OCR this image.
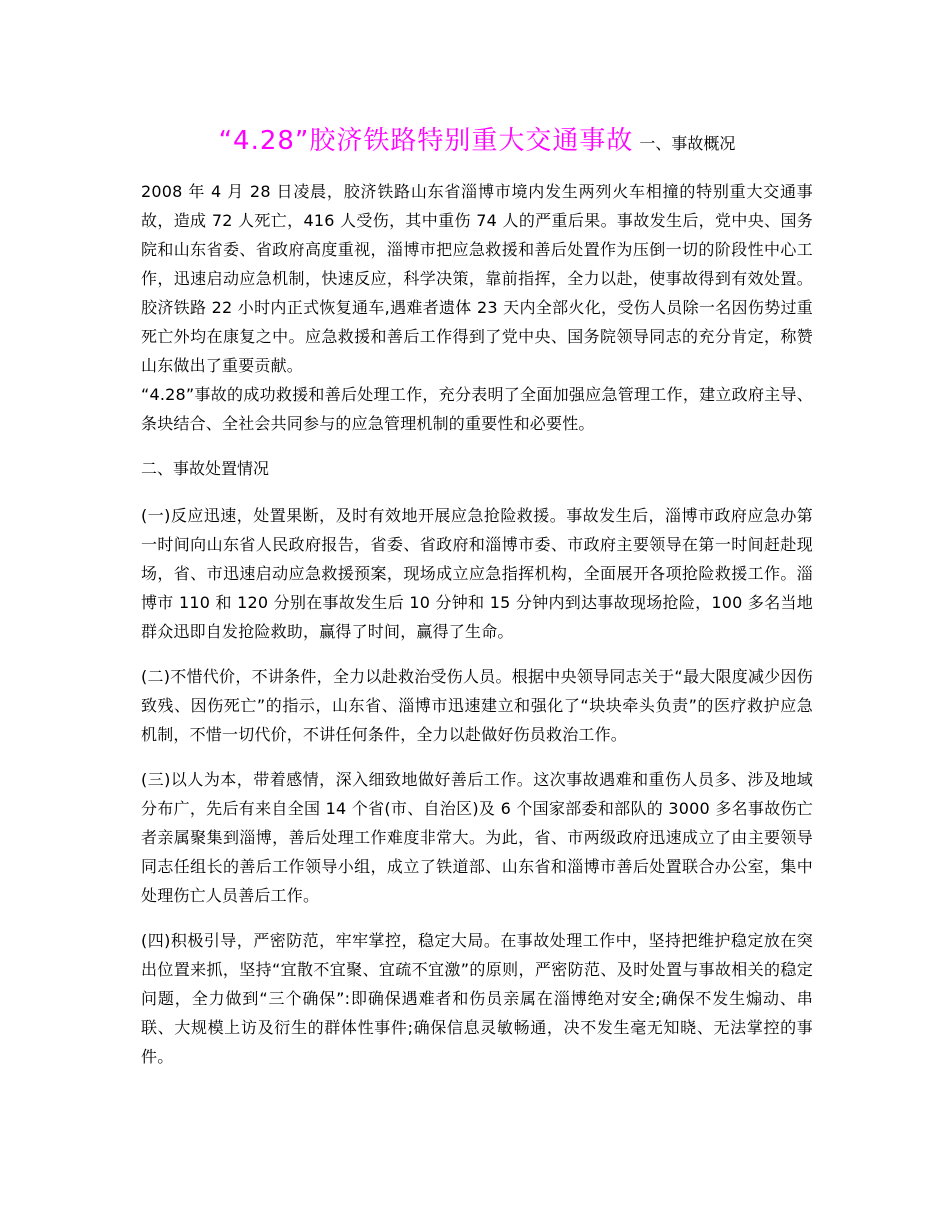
“4.28”胶济铁路特别重大交通事故 一、事故概况

2008 年 4 月 28 日凌晨，胶济铁路山东省淄博市境内发生两列火车相撞的特别重大交通事故，造成 72 人死亡，416 人受伤，其中重伤 74 人的严重后果。事故发生后，党中央、国务院和山东省委、省政府高度重视，淄博市把应急救援和善后处置作为压倒一切的阶段性中心工作，迅速启动应急机制，快速反应，科学决策，靠前指挥，全力以赴，使事故得到有效处置。胶济铁路 22 小时内正式恢复通车,遇难者遗体 23 天内全部火化，受伤人员除一名因伤势过重死亡外均在康复之中。应急救援和善后工作得到了党中央、国务院领导同志的充分肯定，称赞山东做出了重要贡献。

“4.28”事故的成功救援和善后处理工作，充分表明了全面加强应急管理工作，建立政府主导、条块结合、全社会共同参与的应急管理机制的重要性和必要性。

二、事故处置情况

(一)反应迅速，处置果断，及时有效地开展应急抢险救援。事故发生后，淄博市政府应急办第一时间向山东省人民政府报告，省委、省政府和淄博市委、市政府主要领导在第一时间赶赴现场，省、市迅速启动应急救援预案，现场成立应急指挥机构，全面展开各项抢险救援工作。淄博市 110 和 120 分别在事故发生后 10 分钟和 15 分钟内到达事故现场抢险，100 多名当地群众迅即自发抢险救助，赢得了时间，赢得了生命。

(二)不惜代价，不讲条件，全力以赴救治受伤人员。根据中央领导同志关于“最大限度减少因伤致残、因伤死亡”的指示，山东省、淄博市迅速建立和强化了“块块牵头负责”的医疗救护应急机制，不惜一切代价，不讲任何条件，全力以赴做好伤员救治工作。

(三)以人为本，带着感情，深入细致地做好善后工作。这次事故遇难和重伤人员多、涉及地域分布广，先后有来自全国 14 个省(市、自治区)及 6 个国家部委和部队的 3000 多名事故伤亡者亲属聚集到淄博，善后处理工作难度非常大。为此，省、市两级政府迅速成立了由主要领导同志任组长的善后工作领导小组，成立了铁道部、山东省和淄博市善后处置联合办公室，集中处理伤亡人员善后工作。

(四)积极引导，严密防范，牢牢掌控，稳定大局。在事故处理工作中，坚持把维护稳定放在突出位置来抓，坚持“宜散不宜聚、宜疏不宜激”的原则，严密防范、及时处置与事故相关的稳定问题，全力做到“三个确保”:即确保遇难者和伤员亲属在淄博绝对安全;确保不发生煽动、串联、大规模上访及衍生的群体性事件;确保信息灵敏畅通，决不发生毫无知晓、无法掌控的事件。
